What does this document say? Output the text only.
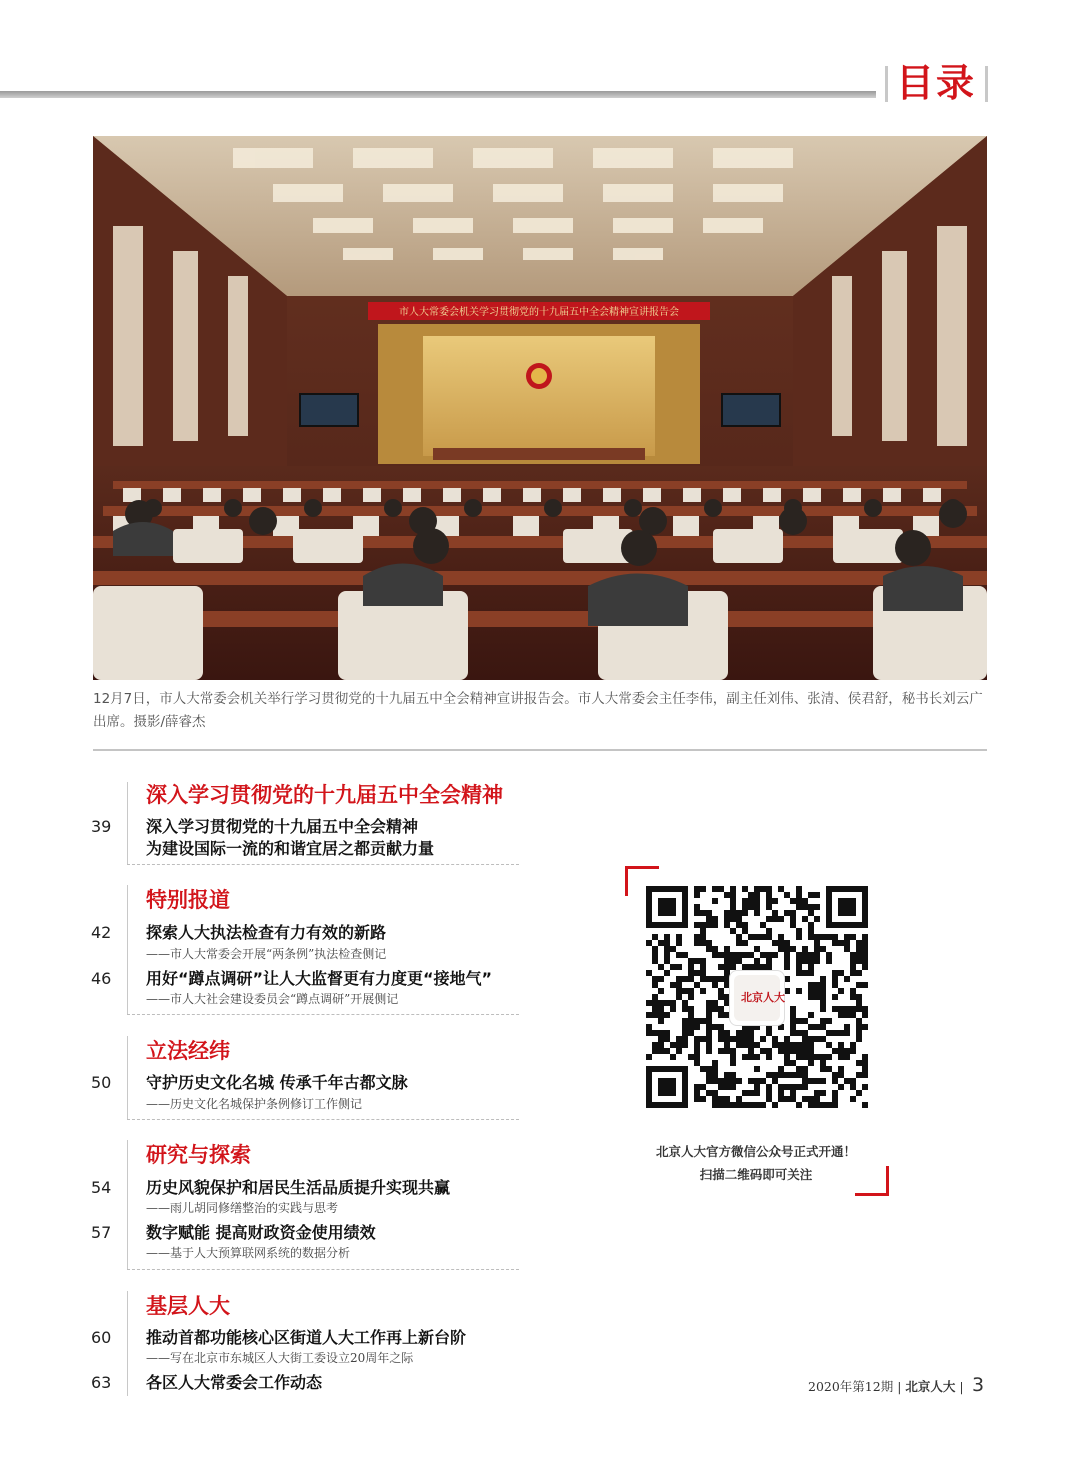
目录
市人大常委会机关学习贯彻党的十九届五中全会精神宣讲报告会
12月7日，市人大常委会机关举行学习贯彻党的十九届五中全会精神宣讲报告会。市人大常委会主任李伟，副主任刘伟、张清、侯君舒，秘书长刘云广出席。摄影/薛睿杰
深入学习贯彻党的十九届五中全会精神
39 深入学习贯彻党的十九届五中全会精神
为建设国际一流的和谐宜居之都贡献力量
特别报道
42 探索人大执法检查有力有效的新路
——市人大常委会开展“两条例”执法检查侧记
46 用好“蹲点调研”让人大监督更有力度更“接地气”
——市人大社会建设委员会“蹲点调研”开展侧记
立法经纬
50 守护历史文化名城 传承千年古都文脉
——历史文化名城保护条例修订工作侧记
研究与探索
54 历史风貌保护和居民生活品质提升实现共赢
——雨儿胡同修缮整治的实践与思考
57 数字赋能 提高财政资金使用绩效
——基于人大预算联网系统的数据分析
基层人大
60 推动首都功能核心区街道人大工作再上新台阶
——写在北京市东城区人大街工委设立20周年之际
63 各区人大常委会工作动态
北京人大
北京人大官方微信公众号正式开通！
扫描二维码即可关注
2020年第12期 | 北京人大 | 3
